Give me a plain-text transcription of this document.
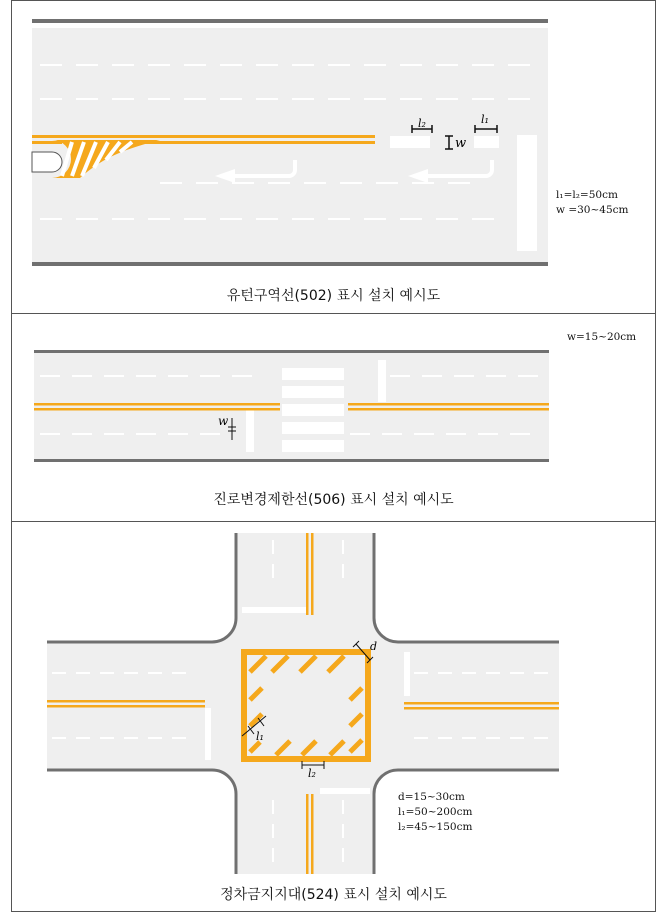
l₂	l₁
w
l₁=l₂=50cm
w =30~45cm
유턴구역선(502) 표시 설치 예시도
w
w=15~20cm
진로변경제한선(506) 표시 설치 예시도
d
l₁
l₂
d=15~30cm
l₁=50~200cm
l₂=45~150cm
정차금지지대(524) 표시 설치 예시도
